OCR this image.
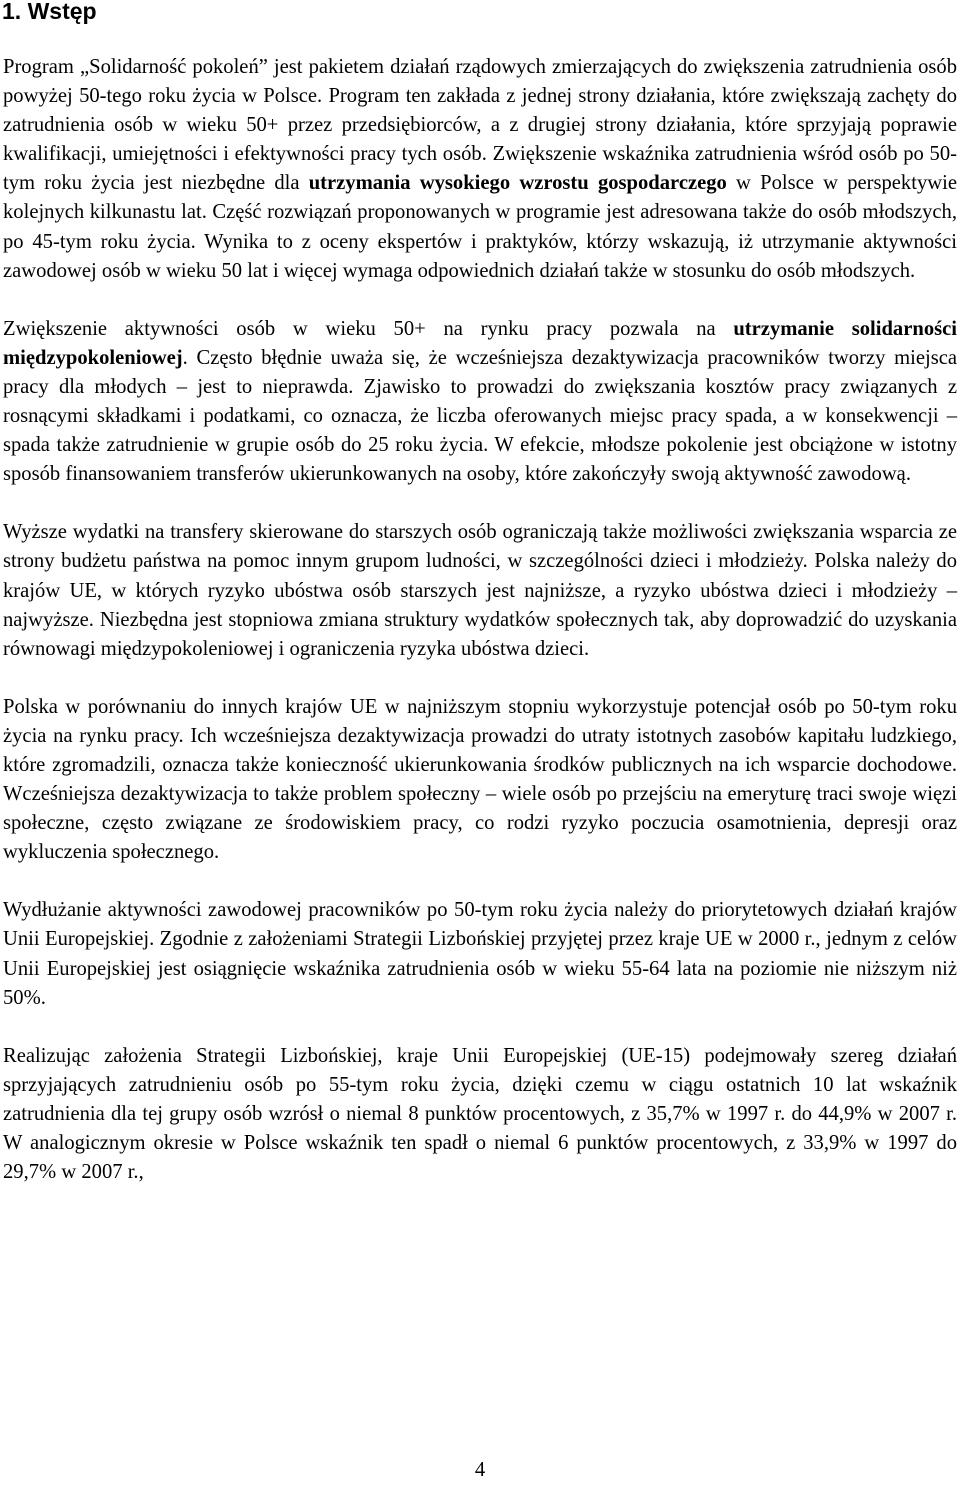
1. Wstęp

Program „Solidarność pokoleń” jest pakietem działań rządowych zmierzających do zwiększenia zatrudnienia osób powyżej 50-tego roku życia w Polsce. Program ten zakłada z jednej strony działania, które zwiększają zachęty do zatrudnienia osób w wieku 50+ przez przedsiębiorców, a z drugiej strony działania, które sprzyjają poprawie kwalifikacji, umiejętności i efektywności pracy tych osób. Zwiększenie wskaźnika zatrudnienia wśród osób po 50-tym roku życia jest niezbędne dla utrzymania wysokiego wzrostu gospodarczego w Polsce w perspektywie kolejnych kilkunastu lat. Część rozwiązań proponowanych w programie jest adresowana także do osób młodszych, po 45-tym roku życia. Wynika to z oceny ekspertów i praktyków, którzy wskazują, iż utrzymanie aktywności zawodowej osób w wieku 50 lat i więcej wymaga odpowiednich działań także w stosunku do osób młodszych.

Zwiększenie aktywności osób w wieku 50+ na rynku pracy pozwala na utrzymanie solidarności międzypokoleniowej. Często błędnie uważa się, że wcześniejsza dezaktywizacja pracowników tworzy miejsca pracy dla młodych – jest to nieprawda. Zjawisko to prowadzi do zwiększania kosztów pracy związanych z rosnącymi składkami i podatkami, co oznacza, że liczba oferowanych miejsc pracy spada, a w konsekwencji – spada także zatrudnienie w grupie osób do 25 roku życia. W efekcie, młodsze pokolenie jest obciążone w istotny sposób finansowaniem transferów ukierunkowanych na osoby, które zakończyły swoją aktywność zawodową.

Wyższe wydatki na transfery skierowane do starszych osób ograniczają także możliwości zwiększania wsparcia ze strony budżetu państwa na pomoc innym grupom ludności, w szczególności dzieci i młodzieży. Polska należy do krajów UE, w których ryzyko ubóstwa osób starszych jest najniższe, a ryzyko ubóstwa dzieci i młodzieży – najwyższe. Niezbędna jest stopniowa zmiana struktury wydatków społecznych tak, aby doprowadzić do uzyskania równowagi międzypokoleniowej i ograniczenia ryzyka ubóstwa dzieci.

Polska w porównaniu do innych krajów UE w najniższym stopniu wykorzystuje potencjał osób po 50-tym roku życia na rynku pracy. Ich wcześniejsza dezaktywizacja prowadzi do utraty istotnych zasobów kapitału ludzkiego, które zgromadzili, oznacza także konieczność ukierunkowania środków publicznych na ich wsparcie dochodowe. Wcześniejsza dezaktywizacja to także problem społeczny – wiele osób po przejściu na emeryturę traci swoje więzi społeczne, często związane ze środowiskiem pracy, co rodzi ryzyko poczucia osamotnienia, depresji oraz wykluczenia społecznego.

Wydłużanie aktywności zawodowej pracowników po 50-tym roku życia należy do priorytetowych działań krajów Unii Europejskiej. Zgodnie z założeniami Strategii Lizbońskiej przyjętej przez kraje UE w 2000 r., jednym z celów Unii Europejskiej jest osiągnięcie wskaźnika zatrudnienia osób w wieku 55-64 lata na poziomie nie niższym niż 50%.

Realizując założenia Strategii Lizbońskiej, kraje Unii Europejskiej (UE-15) podejmowały szereg działań sprzyjających zatrudnieniu osób po 55-tym roku życia, dzięki czemu w ciągu ostatnich 10 lat wskaźnik zatrudnienia dla tej grupy osób wzrósł o niemal 8 punktów procentowych, z 35,7% w 1997 r. do 44,9% w 2007 r. W analogicznym okresie w Polsce wskaźnik ten spadł o niemal 6 punktów procentowych, z 33,9% w 1997 do 29,7% w 2007 r.,

4
